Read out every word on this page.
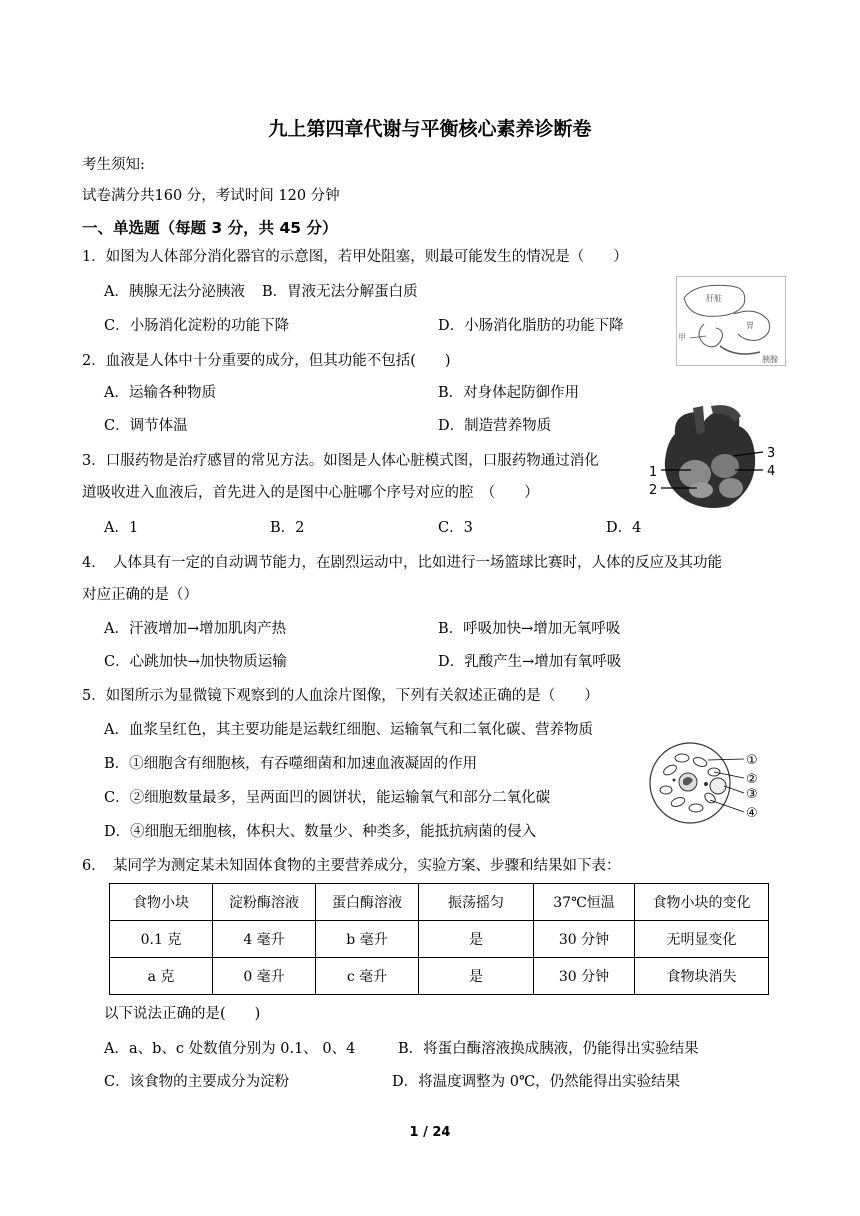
九上第四章代谢与平衡核心素养诊断卷
考生须知:
试卷满分共160 分，考试时间 120 分钟
一、单选题（每题 3 分，共 45 分）
1．如图为人体部分消化器官的示意图，若甲处阻塞，则最可能发生的情况是（　　）
A．胰腺无法分泌胰液 B．胃液无法分解蛋白质
C．小肠消化淀粉的功能下降	D．小肠消化脂肪的功能下降
肝脏
胃
甲
胰腺
2．血液是人体中十分重要的成分，但其功能不包括(　　)
A．运输各种物质	B．对身体起防御作用
C．调节体温	D．制造营养物质
3．口服药物是治疗感冒的常见方法。如图是人体心脏模式图，口服药物通过消化
道吸收进入血液后，首先进入的是图中心脏哪个序号对应的腔　（　　）
A．1	B．2	C．3	D．4
1
2
3
4
4．　人体具有一定的自动调节能力，在剧烈运动中，比如进行一场篮球比赛时，人体的反应及其功能
对应正确的是（）
A．汗液增加→增加肌肉产热	B．呼吸加快→增加无氧呼吸
C．心跳加快→加快物质运输	D．乳酸产生→增加有氧呼吸
5．如图所示为显微镜下观察到的人血涂片图像，下列有关叙述正确的是（　　）
A．血浆呈红色，其主要功能是运载红细胞、运输氧气和二氧化碳、营养物质
B．①细胞含有细胞核，有吞噬细菌和加速血液凝固的作用
C．②细胞数量最多，呈两面凹的圆饼状，能运输氧气和部分二氧化碳
D．④细胞无细胞核，体积大、数量少、种类多，能抵抗病菌的侵入
①
②
③
④
6．　某同学为测定某未知固体食物的主要营养成分，实验方案、步骤和结果如下表：
食物小块	淀粉酶溶液	蛋白酶溶液	振荡摇匀	37℃恒温	食物小块的变化
0.1 克	4 毫升	b 毫升	是	30 分钟	无明显变化
a 克	0 毫升	c 毫升	是	30 分钟	食物块消失
以下说法正确的是(　　)
A．a、b、c 处数值分别为 0.1、 0、4	B．将蛋白酶溶液换成胰液，仍能得出实验结果
C．该食物的主要成分为淀粉	D．将温度调整为 0℃，仍然能得出实验结果
1 / 24
